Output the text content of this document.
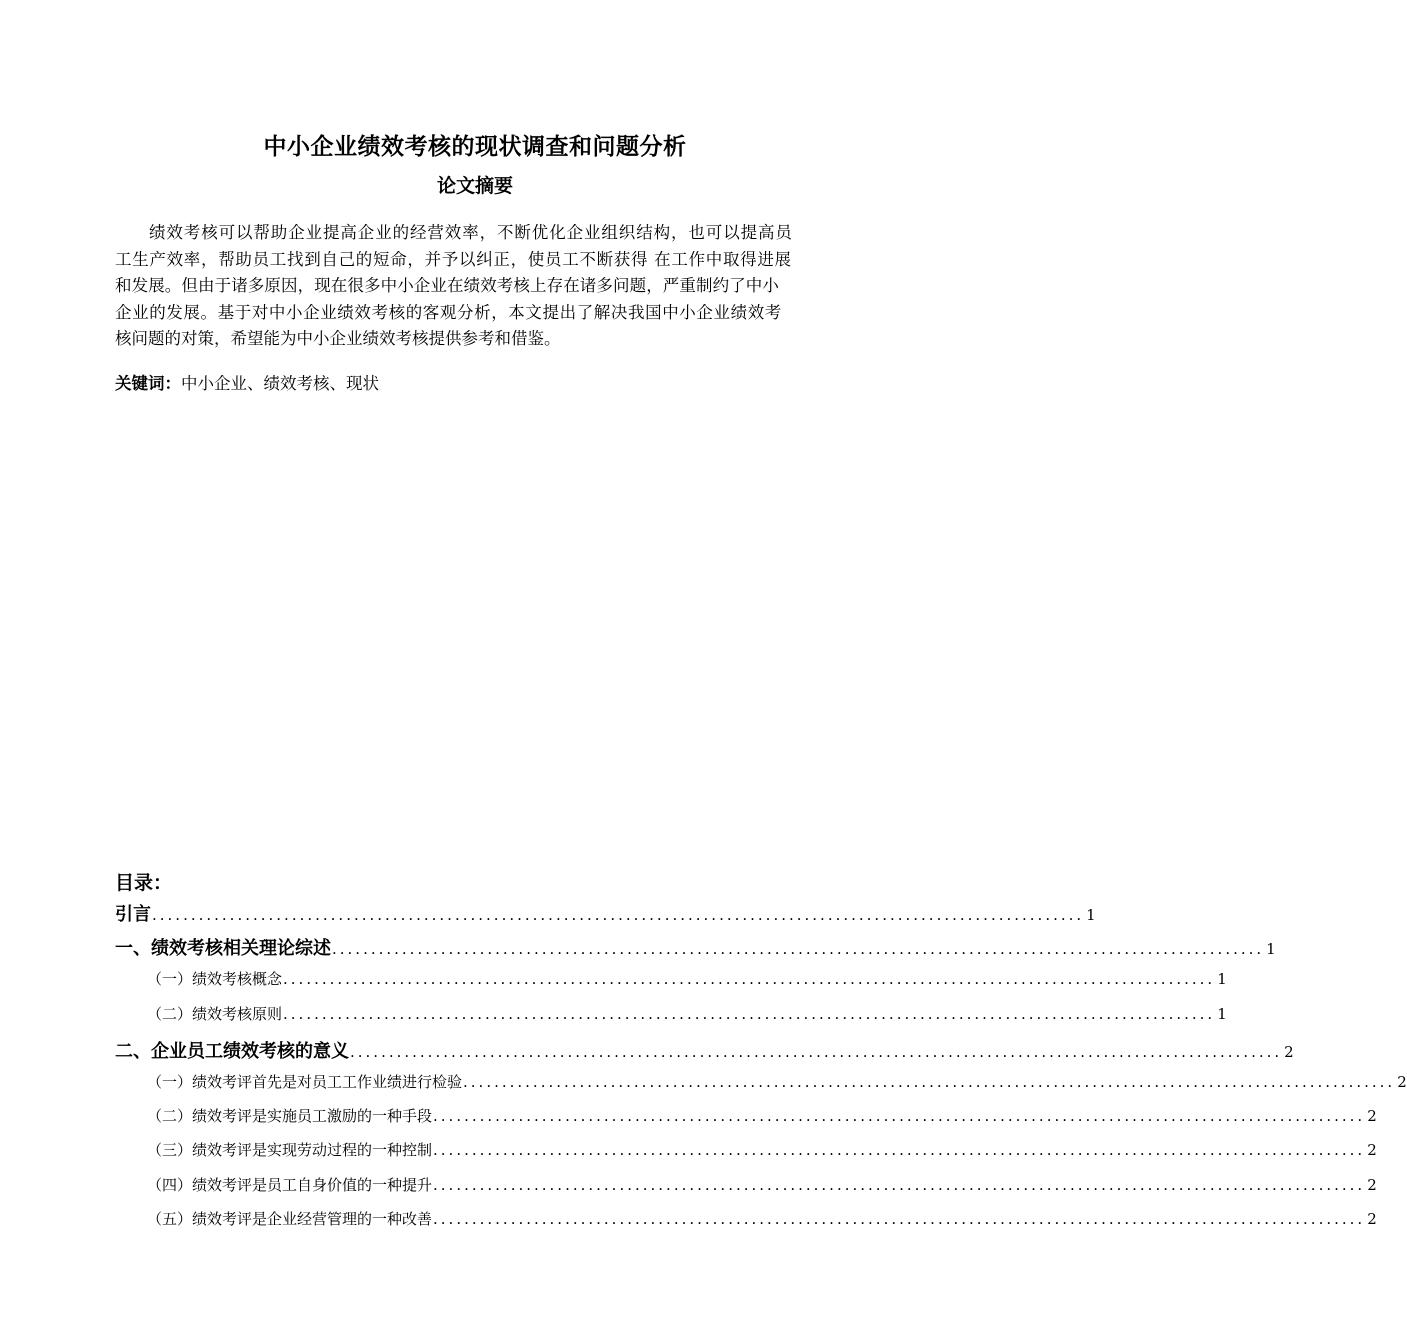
中小企业绩效考核的现状调查和问题分析
论文摘要
绩效考核可以帮助企业提高企业的经营效率，不断优化企业组织结构，也可以提高员
工生产效率，帮助员工找到自己的短命，并予以纠正，使员工不断获得 在工作中取得进展
和发展。但由于诸多原因，现在很多中小企业在绩效考核上存在诸多问题，严重制约了中小
企业的发展。基于对中小企业绩效考核的客观分析，本文提出了解决我国中小企业绩效考
核问题的对策，希望能为中小企业绩效考核提供参考和借鉴。
关键词：中小企业、绩效考核、现状
目录：
引言 ........................................................................................................................ 1
一、绩效考核相关理论综述 ........................................................................................................................ 1
（一）绩效考核概念 ........................................................................................................................ 1
（二）绩效考核原则 ........................................................................................................................ 1
二、企业员工绩效考核的意义 ........................................................................................................................ 2
（一）绩效考评首先是对员工工作业绩进行检验 ........................................................................................................................ 2
（二）绩效考评是实施员工激励的一种手段 ........................................................................................................................ 2
（三）绩效考评是实现劳动过程的一种控制 ........................................................................................................................ 2
（四）绩效考评是员工自身价值的一种提升 ........................................................................................................................ 2
（五）绩效考评是企业经营管理的一种改善 ........................................................................................................................ 2
